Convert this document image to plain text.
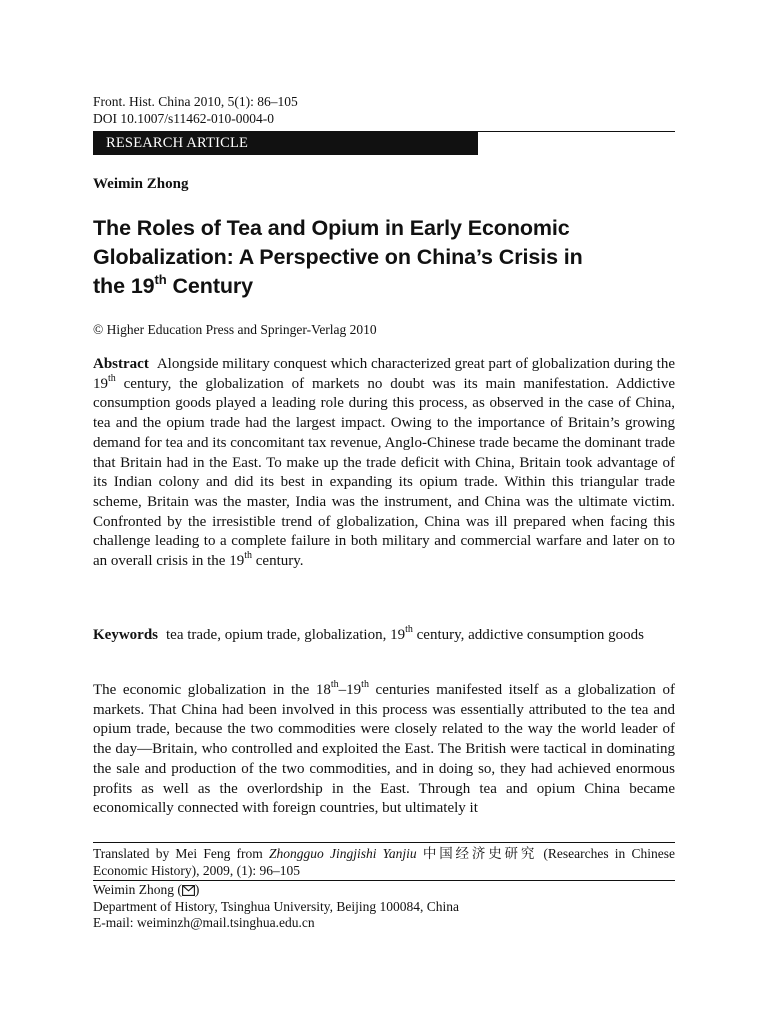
Front. Hist. China 2010, 5(1): 86–105
DOI 10.1007/s11462-010-0004-0
RESEARCH ARTICLE
Weimin Zhong
The Roles of Tea and Opium in Early Economic
Globalization: A Perspective on China’s Crisis in
the 19th Century
© Higher Education Press and Springer-Verlag 2010
Abstract Alongside military conquest which characterized great part of globalization during the 19th century, the globalization of markets no doubt was its main manifestation. Addictive consumption goods played a leading role during this process, as observed in the case of China, tea and the opium trade had the largest impact. Owing to the importance of Britain’s growing demand for tea and its concomitant tax revenue, Anglo-Chinese trade became the dominant trade that Britain had in the East. To make up the trade deficit with China, Britain took advantage of its Indian colony and did its best in expanding its opium trade. Within this triangular trade scheme, Britain was the master, India was the instrument, and China was the ultimate victim. Confronted by the irresistible trend of globalization, China was ill prepared when facing this challenge leading to a complete failure in both military and commercial warfare and later on to an overall crisis in the 19th century.
Keywords tea trade, opium trade, globalization, 19th century, addictive consumption goods
The economic globalization in the 18th–19th centuries manifested itself as a globalization of markets. That China had been involved in this process was essentially attributed to the tea and opium trade, because the two commodities were closely related to the way the world leader of the day—Britain, who controlled and exploited the East. The British were tactical in dominating the sale and production of the two commodities, and in doing so, they had achieved enormous profits as well as the overlordship in the East. Through tea and opium China became economically connected with foreign countries, but ultimately it
Translated by Mei Feng from Zhongguo Jingjishi Yanjiu 中国经济史研究 (Researches in Chinese Economic History), 2009, (1): 96–105
Weimin Zhong ( )
Department of History, Tsinghua University, Beijing 100084, China
E-mail: weiminzh@mail.tsinghua.edu.cn
